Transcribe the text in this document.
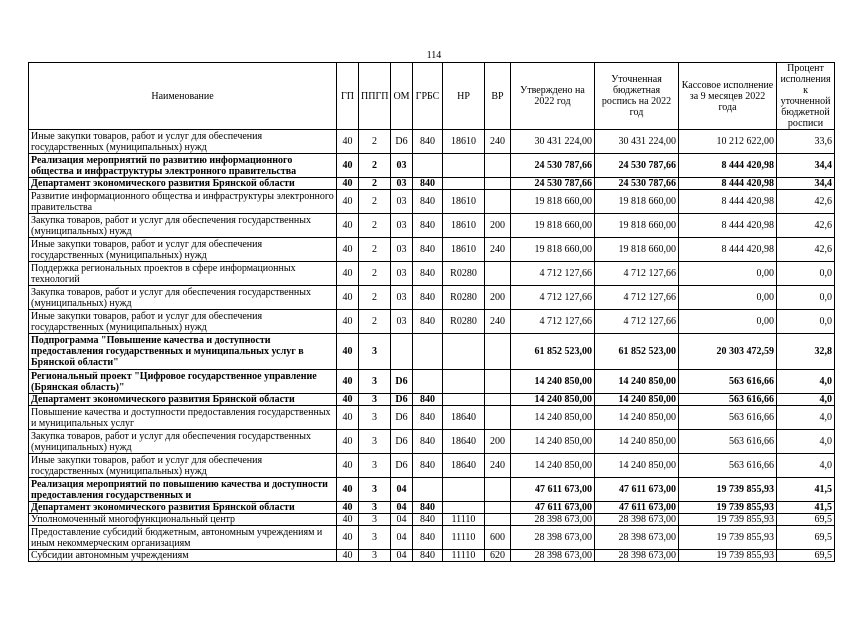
114
Наименование	ГП	ППГП	ОМ	ГРБС	НР	ВР	Утверждено на 2022 год	Уточненная бюджетная роспись на 2022 год	Кассовое исполнение за 9 месяцев 2022 года	Процент исполнения к уточненной бюджетной росписи
Иные закупки товаров, работ и услуг для обеспечения государственных (муниципальных) нужд	40	2	D6	840	18610	240	30 431 224,00	30 431 224,00	10 212 622,00	33,6
Реализация мероприятий по развитию информационного общества и инфраструктуры электронного правительства	40	2	03				24 530 787,66	24 530 787,66	8 444 420,98	34,4
Департамент экономического развития Брянской области	40	2	03	840			24 530 787,66	24 530 787,66	8 444 420,98	34,4
Развитие информационного общества и инфраструктуры электронного правительства	40	2	03	840	18610		19 818 660,00	19 818 660,00	8 444 420,98	42,6
Закупка товаров, работ и услуг для обеспечения государственных (муниципальных) нужд	40	2	03	840	18610	200	19 818 660,00	19 818 660,00	8 444 420,98	42,6
Иные закупки товаров, работ и услуг для обеспечения государственных (муниципальных) нужд	40	2	03	840	18610	240	19 818 660,00	19 818 660,00	8 444 420,98	42,6
Поддержка региональных проектов в сфере информационных технологий	40	2	03	840	R0280		4 712 127,66	4 712 127,66	0,00	0,0
Закупка товаров, работ и услуг для обеспечения государственных (муниципальных) нужд	40	2	03	840	R0280	200	4 712 127,66	4 712 127,66	0,00	0,0
Иные закупки товаров, работ и услуг для обеспечения государственных (муниципальных) нужд	40	2	03	840	R0280	240	4 712 127,66	4 712 127,66	0,00	0,0
Подпрограмма "Повышение качества и доступности предоставления государственных и муниципальных услуг в Брянской области"	40	3					61 852 523,00	61 852 523,00	20 303 472,59	32,8
Региональный проект "Цифровое государственное управление (Брянская область)"	40	3	D6				14 240 850,00	14 240 850,00	563 616,66	4,0
Департамент экономического развития Брянской области	40	3	D6	840			14 240 850,00	14 240 850,00	563 616,66	4,0
Повышение качества и доступности предоставления государственных и муниципальных услуг	40	3	D6	840	18640		14 240 850,00	14 240 850,00	563 616,66	4,0
Закупка товаров, работ и услуг для обеспечения государственных (муниципальных) нужд	40	3	D6	840	18640	200	14 240 850,00	14 240 850,00	563 616,66	4,0
Иные закупки товаров, работ и услуг для обеспечения государственных (муниципальных) нужд	40	3	D6	840	18640	240	14 240 850,00	14 240 850,00	563 616,66	4,0
Реализация мероприятий по повышению качества и доступности предоставления государственных и	40	3	04				47 611 673,00	47 611 673,00	19 739 855,93	41,5
Департамент экономического развития Брянской области	40	3	04	840			47 611 673,00	47 611 673,00	19 739 855,93	41,5
Уполномоченный многофункциональный центр	40	3	04	840	11110		28 398 673,00	28 398 673,00	19 739 855,93	69,5
Предоставление субсидий бюджетным, автономным учреждениям и иным некоммерческим организациям	40	3	04	840	11110	600	28 398 673,00	28 398 673,00	19 739 855,93	69,5
Субсидии автономным учреждениям	40	3	04	840	11110	620	28 398 673,00	28 398 673,00	19 739 855,93	69,5
